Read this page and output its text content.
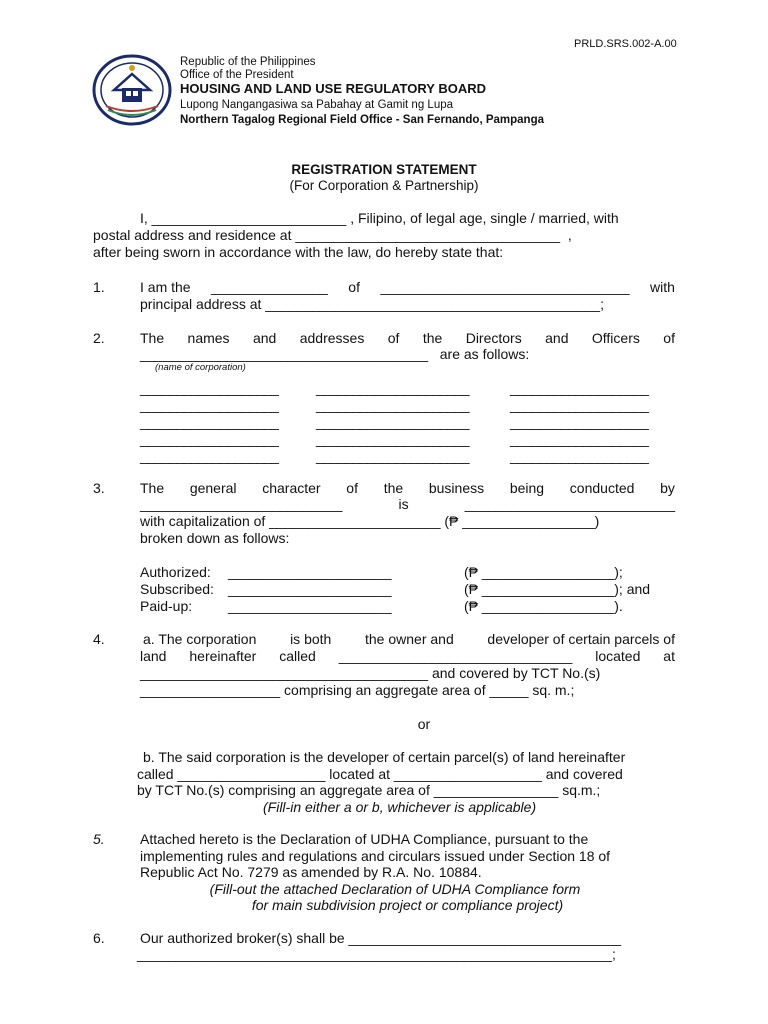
PRLD.SRS.002-A.00
Republic of the Philippines
Office of the President
HOUSING AND LAND USE REGULATORY BOARD
Lupong Nangangasiwa sa Pabahay at Gamit ng Lupa
Northern Tagalog Regional Field Office - San Fernando, Pampanga
REGISTRATION STATEMENT
(For Corporation & Partnership)
I, _________________________ , Filipino, of legal age, single / married, with
postal address and residence at __________________________________ ,
after being sworn in accordance with the law, do hereby state that:
1.	I am the _______________ of ________________________________ with
principal address at ___________________________________________;
2.	The names and addresses of the Directors and Officers of
_____________________________________ are as follows:
(name of corporation)
___________________	_____________________	___________________
___________________	_____________________	___________________
___________________	_____________________	___________________
___________________	_____________________	___________________
___________________	_____________________	___________________
3.	The general character of the business being conducted by
__________________________	is	___________________________
with capitalization of ______________________ (₱ _________________)
broken down as follows:
Authorized: _____________________	(₱ _________________);
Subscribed: _____________________	(₱ _________________); and
Paid-up:	_____________________	(₱ _________________).
4.	a. The corporation is both the owner and developer of certain parcels of
land hereinafter called ______________________________ located at
_____________________________________ and covered by TCT No.(s)
__________________ comprising an aggregate area of _____ sq. m.;
or
b. The said corporation is the developer of certain parcel(s) of land hereinafter
called ___________________ located at ___________________ and covered
by TCT No.(s) comprising an aggregate area of ________________ sq.m.;
(Fill-in either a or b, whichever is applicable)
5.	Attached hereto is the Declaration of UDHA Compliance, pursuant to the
implementing rules and regulations and circulars issued under Section 18 of
Republic Act No. 7279 as amended by R.A. No. 10884.
(Fill-out the attached Declaration of UDHA Compliance form
for main subdivision project or compliance project)
6.	Our authorized broker(s) shall be ___________________________________
_____________________________________________________________;
